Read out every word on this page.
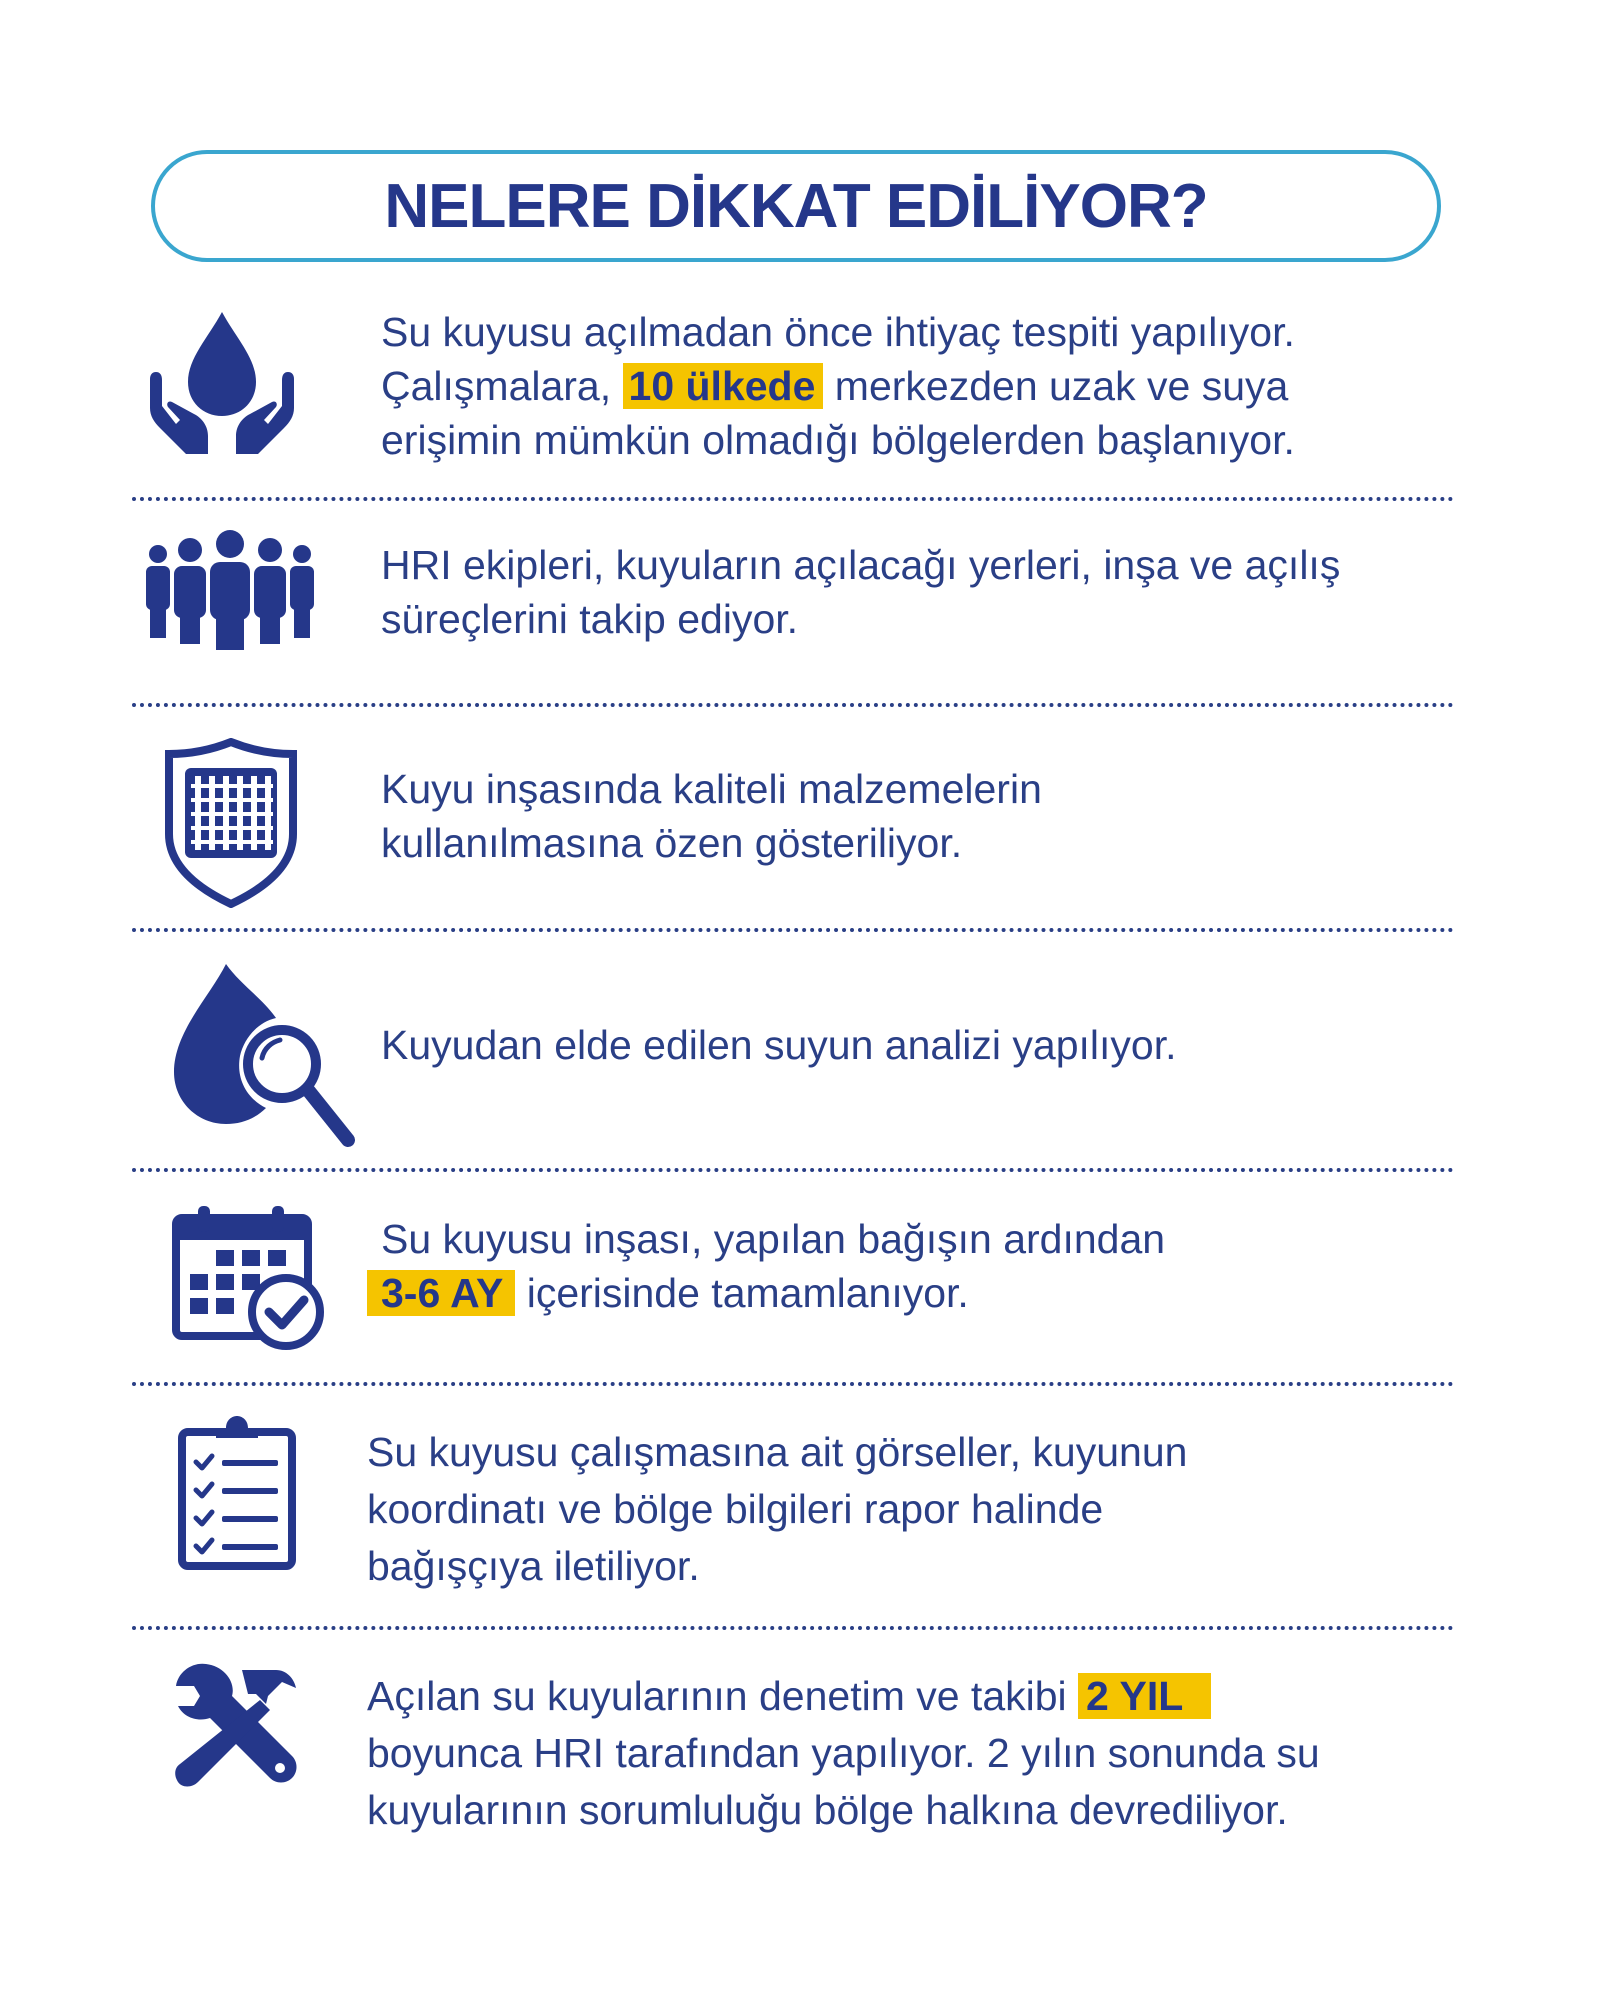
NELERE DİKKAT EDİLİYOR?

Su kuyusu açılmadan önce ihtiyaç tespiti yapılıyor.
Çalışmalara, 10 ülkede merkezden uzak ve suya
erişimin mümkün olmadığı bölgelerden başlanıyor.

HRI ekipleri, kuyuların açılacağı yerleri, inşa ve açılış
süreçlerini takip ediyor.

Kuyu inşasında kaliteli malzemelerin
kullanılmasına özen gösteriliyor.

Kuyudan elde edilen suyun analizi yapılıyor.

Su kuyusu inşası, yapılan bağışın ardından
3-6 AY içerisinde tamamlanıyor.

Su kuyusu çalışmasına ait görseller, kuyunun
koordinatı ve bölge bilgileri rapor halinde
bağışçıya iletiliyor.

Açılan su kuyularının denetim ve takibi 2 YIL
boyunca HRI tarafından yapılıyor. 2 yılın sonunda su
kuyularının sorumluluğu bölge halkına devrediliyor.
